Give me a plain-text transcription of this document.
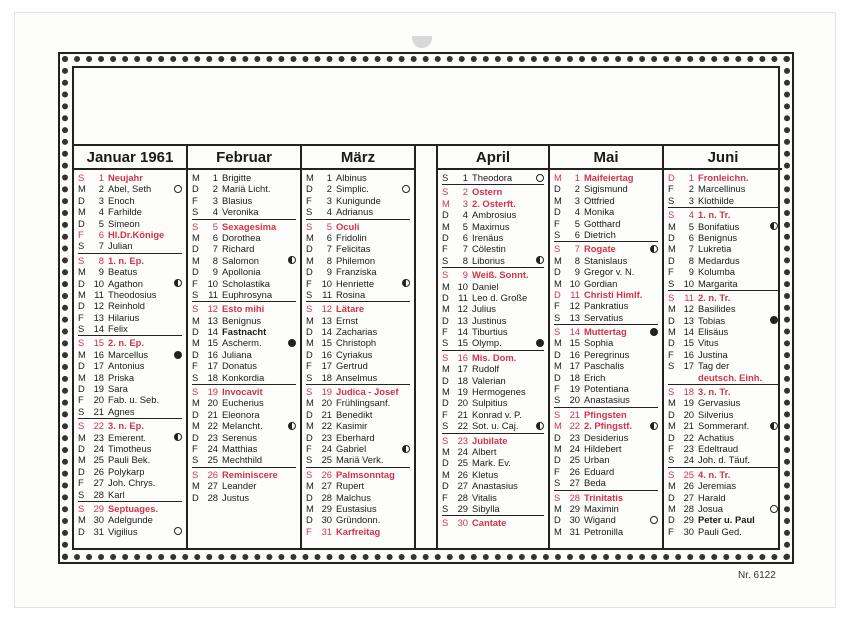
Januar 1961	Februar	März	April	Mai	Juni
S	1 Neujahr
M	2 Abel, Seth
D	3 Enoch
M	4 Farhilde
D	5 Simeon
F	6 Hl.Dr.Könige
S	7 Julian
S	8 1. n. Ep.
M	9 Beatus
D 10 Agathon
M 11 Theodosius
D 12 Reinhold
F	13 Hilarius
S 14 Felix
S 15 2. n. Ep.
M 16 Marcellus
D 17 Antonius
M 18 Priska
D 19 Sara
F	20 Fab. u. Seb.
S 21 Agnes
S 22 3. n. Ep.
M 23 Emerent.
D 24 Timotheus
M 25 Pauli Bek.
D 26 Polykarp
F	27 Joh. Chrys.
S 28 Karl
S 29 Septuages.
M 30 Adelgunde
D 31 Vigilius
M	1 Brigitte
D	2 Mariä Licht.
F	3 Blasius
S	4 Veronika
S	5 Sexagesima
M	6 Dorothea
D	7 Richard
M	8 Salomon
D	9 Apollonia
F	10 Scholastika
S	11 Euphrosyna
S 12 Esto mihi
M 13 Benignus
D 14 Fastnacht
M 15 Ascherm.
D 16 Juliana
F	17 Donatus
S 18 Konkordia
S 19 Invocavit
M 20 Eucherius
D 21 Eleonora
M 22 Melancht.
D 23 Serenus
F	24 Matthias
S 25 Mechthild
S 26 Reminiscere
M 27 Leander
D 28 Justus
M	1 Albinus
D	2 Simplic.
F	3 Kunigunde
S	4 Adrianus
S	5 Oculi
M	6 Fridolin
D	7 Felicitas
M	8 Philemon
D	9 Franziska
F	10 Henriette
S	11 Rosina
S 12 Lätare
M 13 Ernst
D 14 Zacharias
M 15 Christoph
D 16 Cyriakus
F	17 Gertrud
S 18 Anselmus
S 19 Judica - Josef
M 20 Frühlingsanf.
D 21 Benedikt
M 22 Kasimir
D 23 Eberhard
F	24 Gabriel
S 25 Mariä Verk.
S 26 Palmsonntag
M 27 Rupert
D 28 Malchus
M 29 Eustasius
D 30 Gründonn.
F	31 Karfreitag
S	1 Theodora
S	2 Ostern
M	3 2. Osterft.
D	4 Ambrosius
M	5 Maximus
D	6 Irenäus
F	7 Cölestin
S	8 Liborius
S	9 Weiß. Sonnt.
M 10 Daniel
D	11 Leo d. Große
M 12 Julius
D 13 Justinus
F	14 Tiburtius
S 15 Olymp.
S 16 Mis. Dom.
M 17 Rudolf
D 18 Valerian
M 19 Hermogenes
D 20 Sulpitius
F	21 Konrad v. P.
S 22 Sot. u. Caj.
S 23 Jubilate
M 24 Albert
D 25 Mark. Ev.
M 26 Kletus
D 27 Anastasius
F	28 Vitalis
S 29 Sibylla
S 30 Cantate
M	1 Maifeiertag
D	2 Sigismund
M	3 Ottfried
D	4 Monika
F	5 Gotthard
S	6 Dietrich
S	7 Rogate
M	8 Stanislaus
D	9 Gregor v. N.
M 10 Gordian
D	11 Christi Himlf.
F	12 Pankratius
S 13 Servatius
S 14 Muttertag
M 15 Sophia
D 16 Peregrinus
M 17 Paschalis
D 18 Erich
F	19 Potentiana
S 20 Anastasius
S 21 Pfingsten
M 22 2. Pfingstf.
D 23 Desiderius
M 24 Hildebert
D 25 Urban
F	26 Eduard
S 27 Beda
S 28 Trinitatis
M 29 Maximin
D 30 Wigand
M 31 Petronilla
D	1 Fronleichn.
F	2 Marcellinus
S	3 Klothilde
S	4 1. n. Tr.
M	5 Bonifatius
D	6 Benignus
M	7 Lukretia
D	8 Medardus
F	9 Kolumba
S 10 Margarita
S	11 2. n. Tr.
M 12 Basilides
D 13 Tobias
M 14 Elisäus
D 15 Vitus
F	16 Justina
S 17 Tag der
deutsch. Einh.
S 18 3. n. Tr.
M 19 Gervasius
D 20 Silverius
M 21 Sommeranf.
D 22 Achatius
F	23 Edeltraud
S 24 Joh. d. Täuf.
S 25 4. n. Tr.
M 26 Jeremias
D 27 Harald
M 28 Josua
D 29 Peter u. Paul
F	30 Pauli Ged.
Nr. 6122
